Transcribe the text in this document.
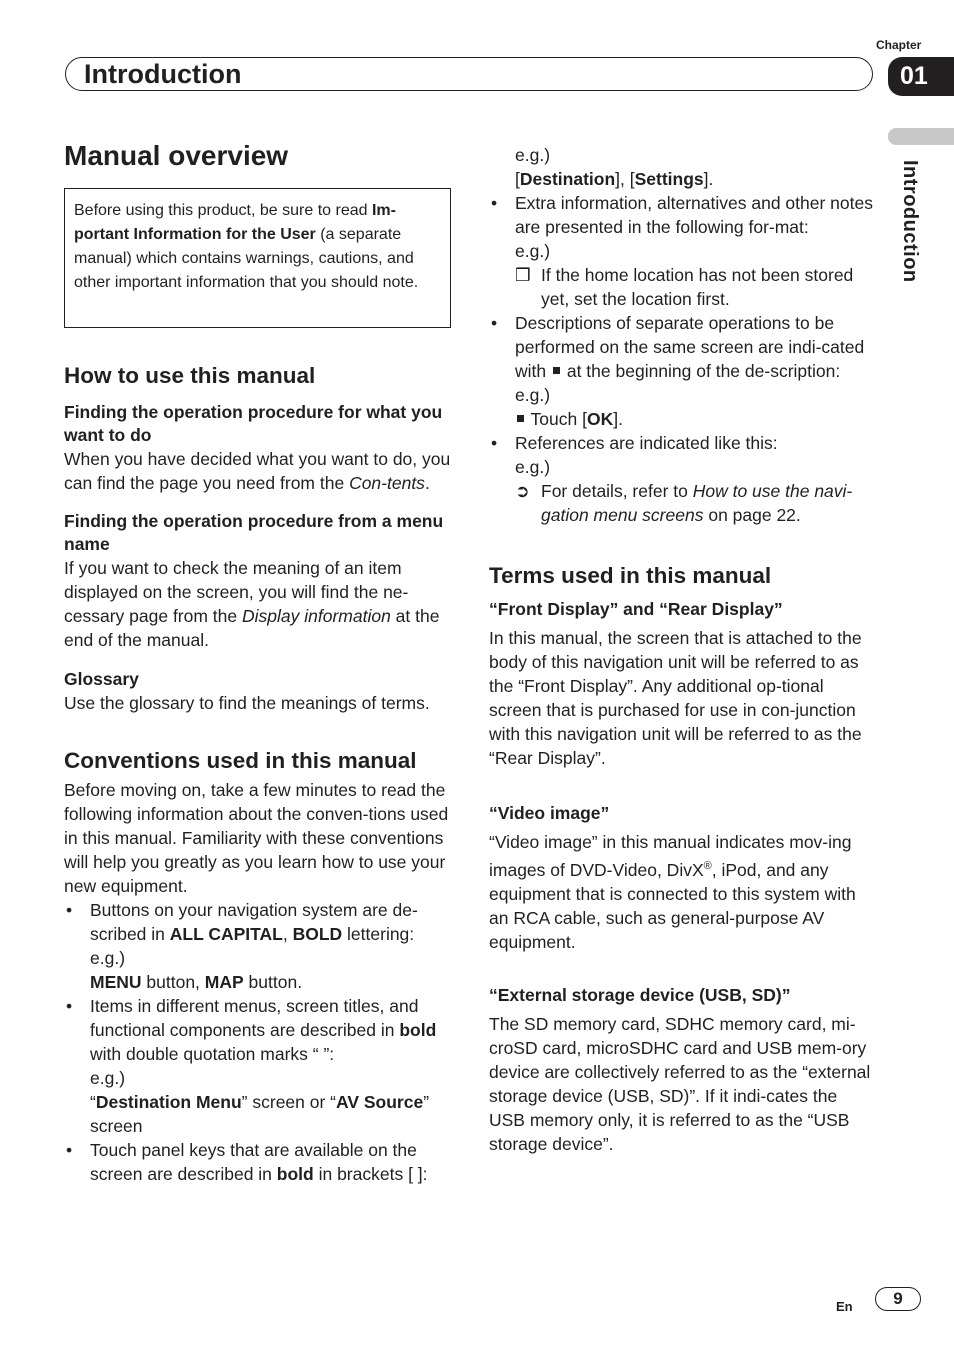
Chapter
Introduction	01
Introduction
Manual overview
Before using this product, be sure to read Im-portant Information for the User (a separate manual) which contains warnings, cautions, and other important information that you should note.
How to use this manual
Finding the operation procedure for what you want to do

When you have decided what you want to do, you can find the page you need from the Con-tents.

Finding the operation procedure from a menu name

If you want to check the meaning of an item displayed on the screen, you will find the ne-cessary page from the Display information at the end of the manual.

Glossary

Use the glossary to find the meanings of terms.

Conventions used in this manual

Before moving on, take a few minutes to read the following information about the conven-tions used in this manual. Familiarity with these conventions will help you greatly as you learn how to use your new equipment.

• Buttons on your navigation system are de-scribed in ALL CAPITAL, BOLD lettering:
e.g.)
MENU button, MAP button.
• Items in different menus, screen titles, and functional components are described in bold with double quotation marks “ ”:
e.g.)
“Destination Menu” screen or “AV Source” screen
• Touch panel keys that are available on the screen are described in bold in brackets [ ]:
e.g.)
[Destination], [Settings].
• Extra information, alternatives and other notes are presented in the following for-mat:
e.g.)
❒ If the home location has not been stored yet, set the location first.
• Descriptions of separate operations to be performed on the same screen are indi-cated with  at the beginning of the de-scription:
e.g.)
Touch [OK].
• References are indicated like this:
e.g.)
➲ For details, refer to How to use the navi-gation menu screens on page 22.
Terms used in this manual
“Front Display” and “Rear Display”

In this manual, the screen that is attached to the body of this navigation unit will be referred to as the “Front Display”. Any additional op-tional screen that is purchased for use in con-junction with this navigation unit will be referred to as the “Rear Display”.

“Video image”

“Video image” in this manual indicates mov-ing images of DVD-Video, DivX®, iPod, and any equipment that is connected to this system with an RCA cable, such as general-purpose AV equipment.

“External storage device (USB, SD)”

The SD memory card, SDHC memory card, mi-croSD card, microSDHC card and USB mem-ory device are collectively referred to as the “external storage device (USB, SD)”. If it indi-cates the USB memory only, it is referred to as the “USB storage device”.

En	9
